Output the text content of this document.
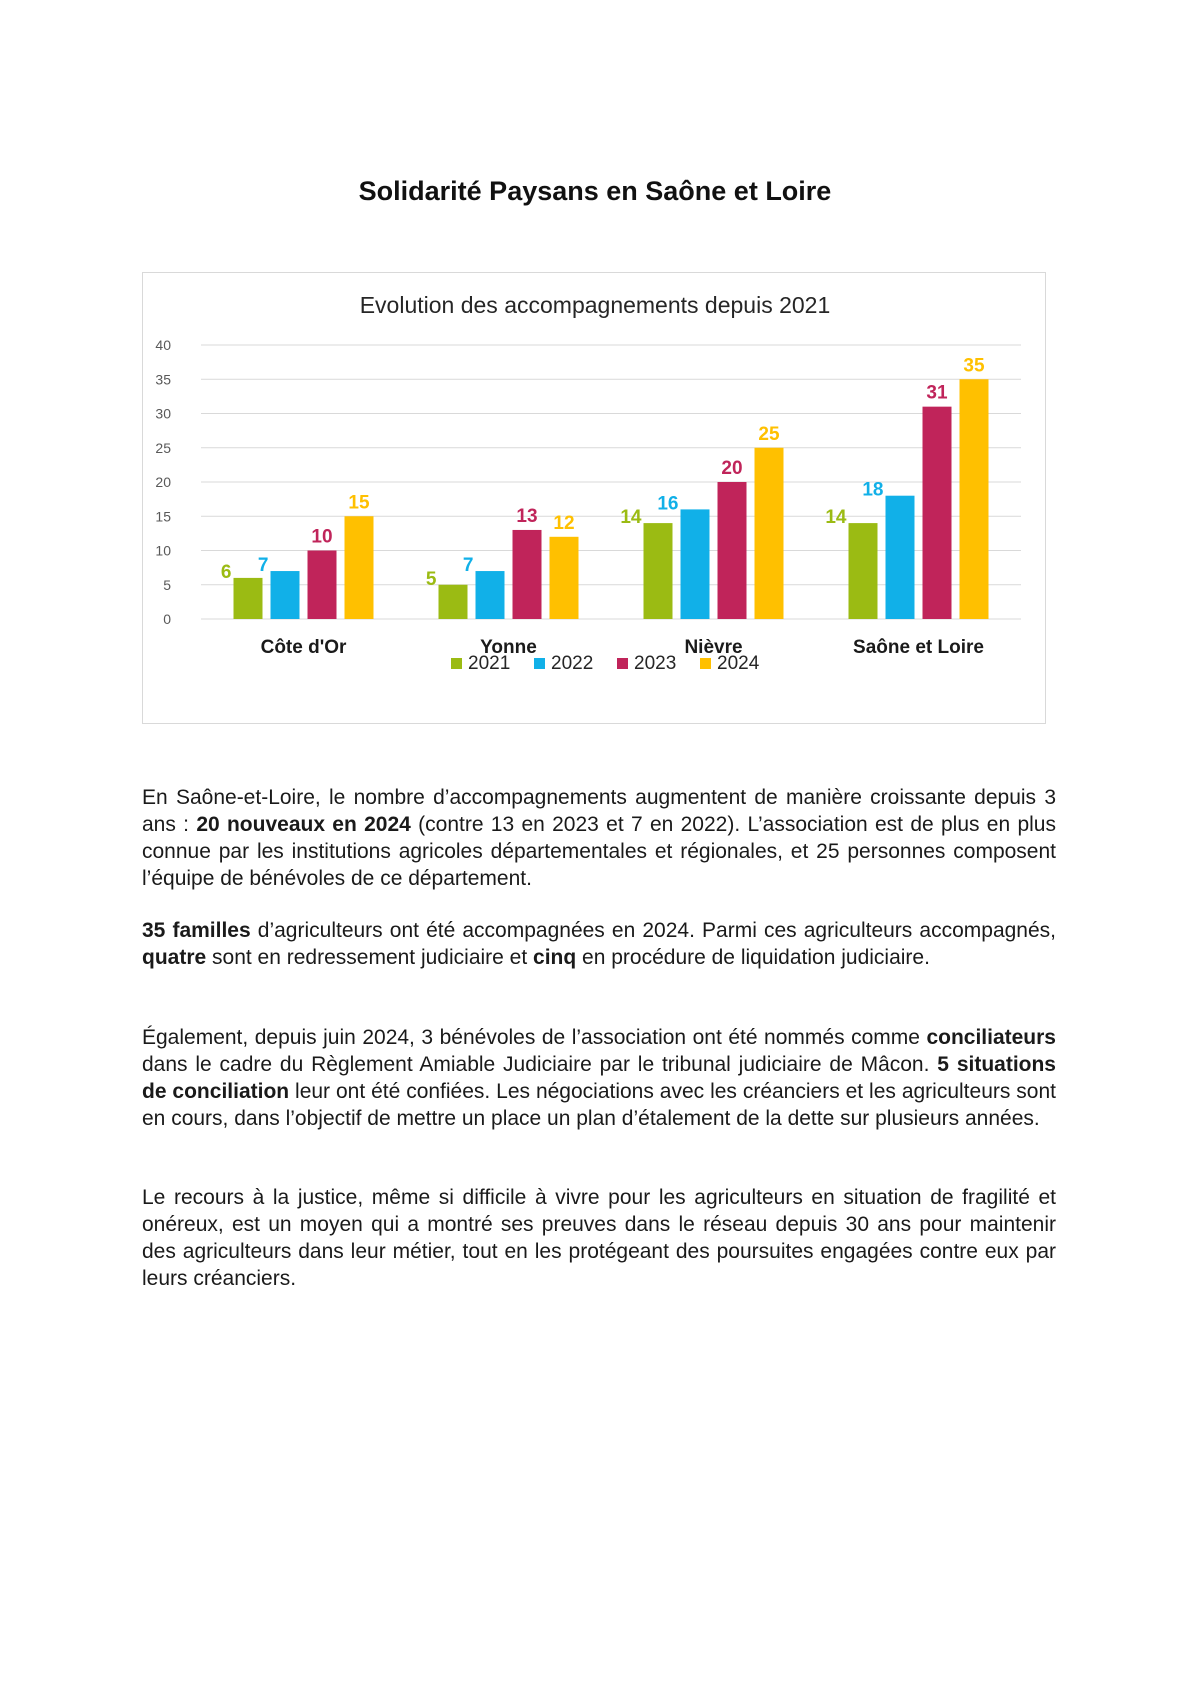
Solidarité Paysans en Saône et Loire
Evolution des accompagnements depuis 2021
0
5
10
15
20
25
30
35
40
6 7
10
15
5
7
13 12 14
16
20
25
14
18
31
35
Côte d'Or	Yonne	Nièvre	Saône et Loire
2021 2022 2023 2024
En Saône-et-Loire, le nombre d’accompagnements augmentent de manière croissante depuis 3 ans : 20 nouveaux en 2024 (contre 13 en 2023 et 7 en 2022). L’association est de plus en plus connue par les institutions agricoles départementales et régionales, et 25 personnes composent l’équipe de bénévoles de ce département.
35 familles d’agriculteurs ont été accompagnées en 2024. Parmi ces agriculteurs accompagnés, quatre sont en redressement judiciaire et cinq en procédure de liquidation judiciaire.
Également, depuis juin 2024, 3 bénévoles de l’association ont été nommés comme conciliateurs dans le cadre du Règlement Amiable Judiciaire par le tribunal judiciaire de Mâcon. 5 situations de conciliation leur ont été confiées. Les négociations avec les créanciers et les agriculteurs sont en cours, dans l’objectif de mettre un place un plan d’étalement de la dette sur plusieurs années.
Le recours à la justice, même si difficile à vivre pour les agriculteurs en situation de fragilité et onéreux, est un moyen qui a montré ses preuves dans le réseau depuis 30 ans pour maintenir des agriculteurs dans leur métier, tout en les protégeant des poursuites engagées contre eux par leurs créanciers.
